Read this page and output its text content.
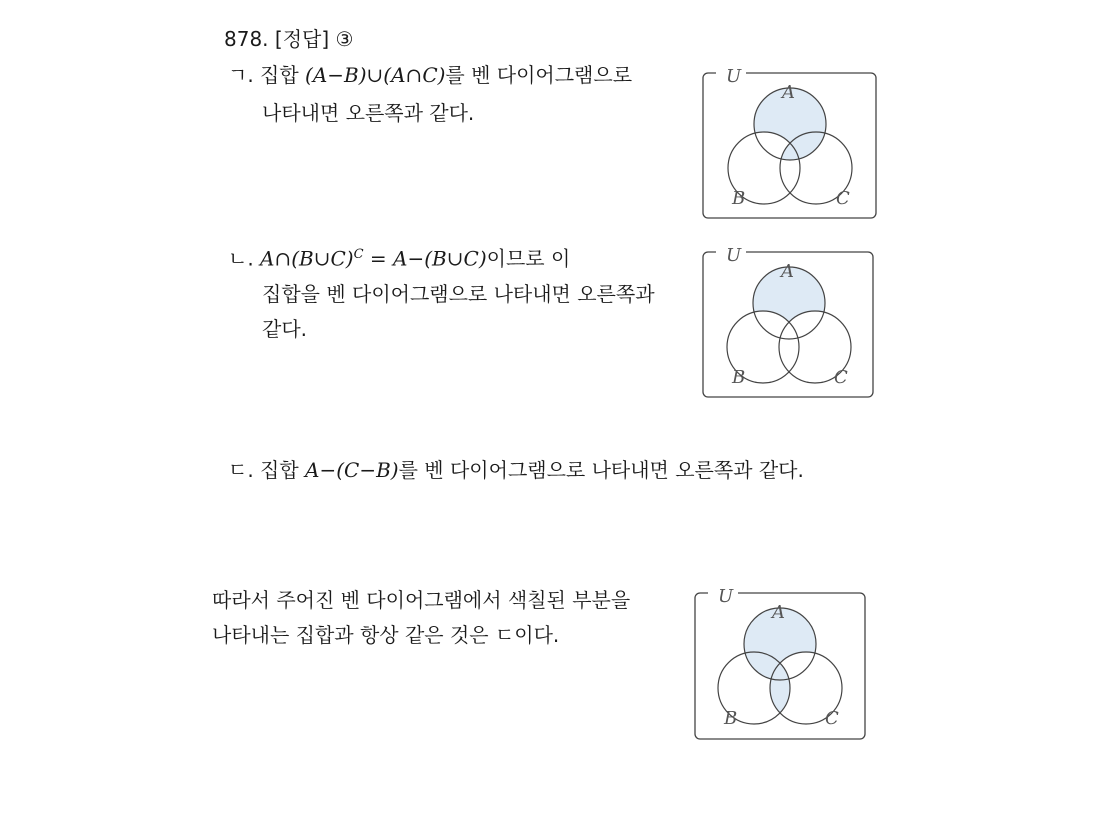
878. [정답] ③
ㄱ. 집합 (A−B)∪(A∩C)를 벤 다이어그램으로
나타내면 오른쪽과 같다.
ㄴ. A∩(B∪C)$^C$ = A−(B∪C)이므로 이
집합을 벤 다이어그램으로 나타내면 오른쪽과
같다.
ㄷ. 집합 A−(C−B)를 벤 다이어그램으로 나타내면 오른쪽과 같다.
따라서 주어진 벤 다이어그램에서 색칠된 부분을
나타내는 집합과 항상 같은 것은 ㄷ이다.
U
A
B	C
U
A
B	C
U
A
B	C
